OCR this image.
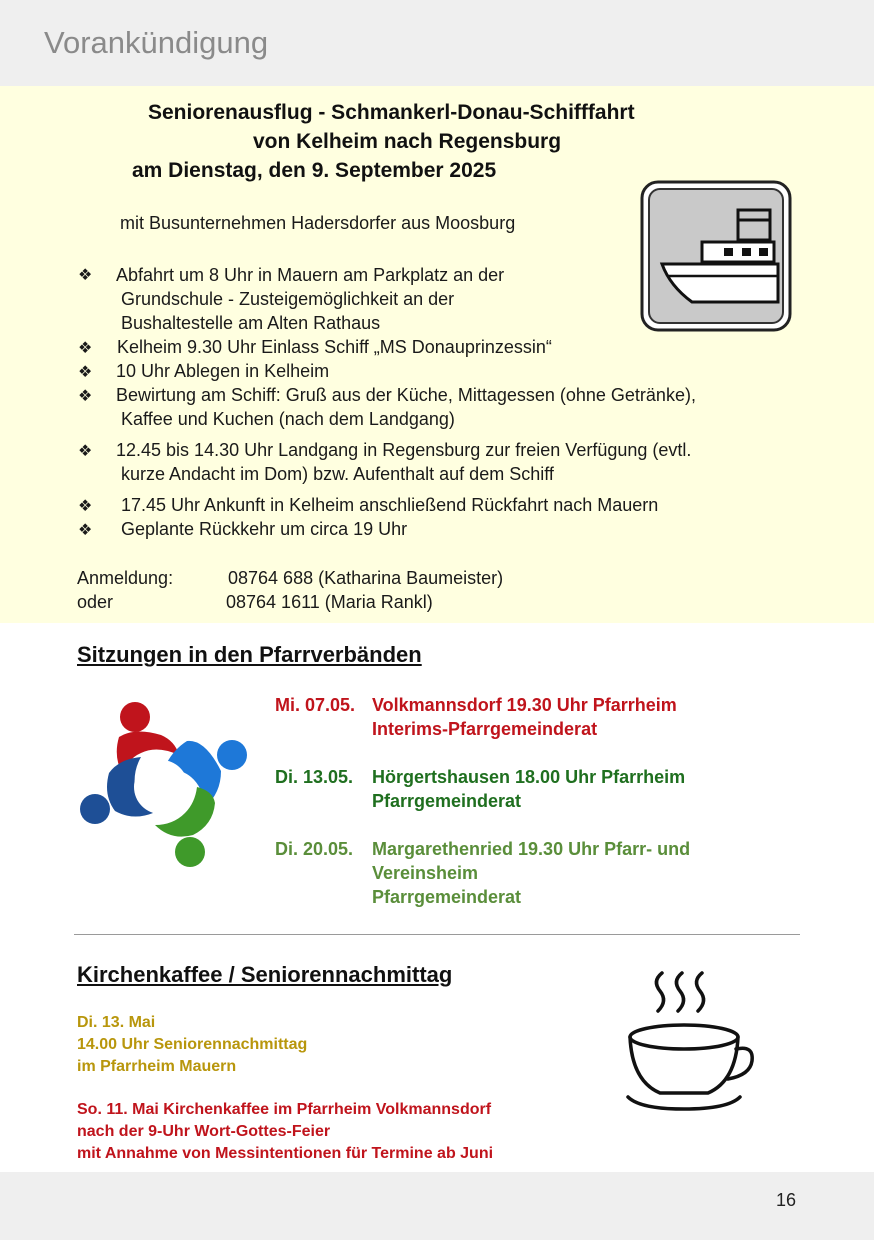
Vorankündigung
Seniorenausflug - Schmankerl-Donau-Schifffahrt
von Kelheim nach Regensburg
am Dienstag, den 9. September 2025
mit Busunternehmen Hadersdorfer aus Moosburg
❖ Abfahrt um 8 Uhr in Mauern am Parkplatz an der
Grundschule - Zusteigemöglichkeit an der
Bushaltestelle am Alten Rathaus
❖ Kelheim 9.30 Uhr Einlass Schiff „MS Donauprinzessin“
❖ 10 Uhr Ablegen in Kelheim
❖ Bewirtung am Schiff: Gruß aus der Küche, Mittagessen (ohne Getränke),
Kaffee und Kuchen (nach dem Landgang)
❖ 12.45 bis 14.30 Uhr Landgang in Regensburg zur freien Verfügung (evtl.
kurze Andacht im Dom) bzw. Aufenthalt auf dem Schiff
❖ 17.45 Uhr Ankunft in Kelheim anschließend Rückfahrt nach Mauern
❖ Geplante Rückkehr um circa 19 Uhr
Anmeldung:	08764 688 (Katharina Baumeister)
oder	08764 1611 (Maria Rankl)
Sitzungen in den Pfarrverbänden
Mi. 07.05. Volkmannsdorf 19.30 Uhr Pfarrheim
Interims-Pfarrgemeinderat
Di. 13.05. Hörgertshausen 18.00 Uhr Pfarrheim
Pfarrgemeinderat
Di. 20.05. Margarethenried 19.30 Uhr Pfarr- und
Vereinsheim
Pfarrgemeinderat
Kirchenkaffee / Seniorennachmittag
Di. 13. Mai
14.00 Uhr Seniorennachmittag
im Pfarrheim Mauern
So. 11. Mai Kirchenkaffee im Pfarrheim Volkmannsdorf
nach der 9-Uhr Wort-Gottes-Feier
mit Annahme von Messintentionen für Termine ab Juni
16
